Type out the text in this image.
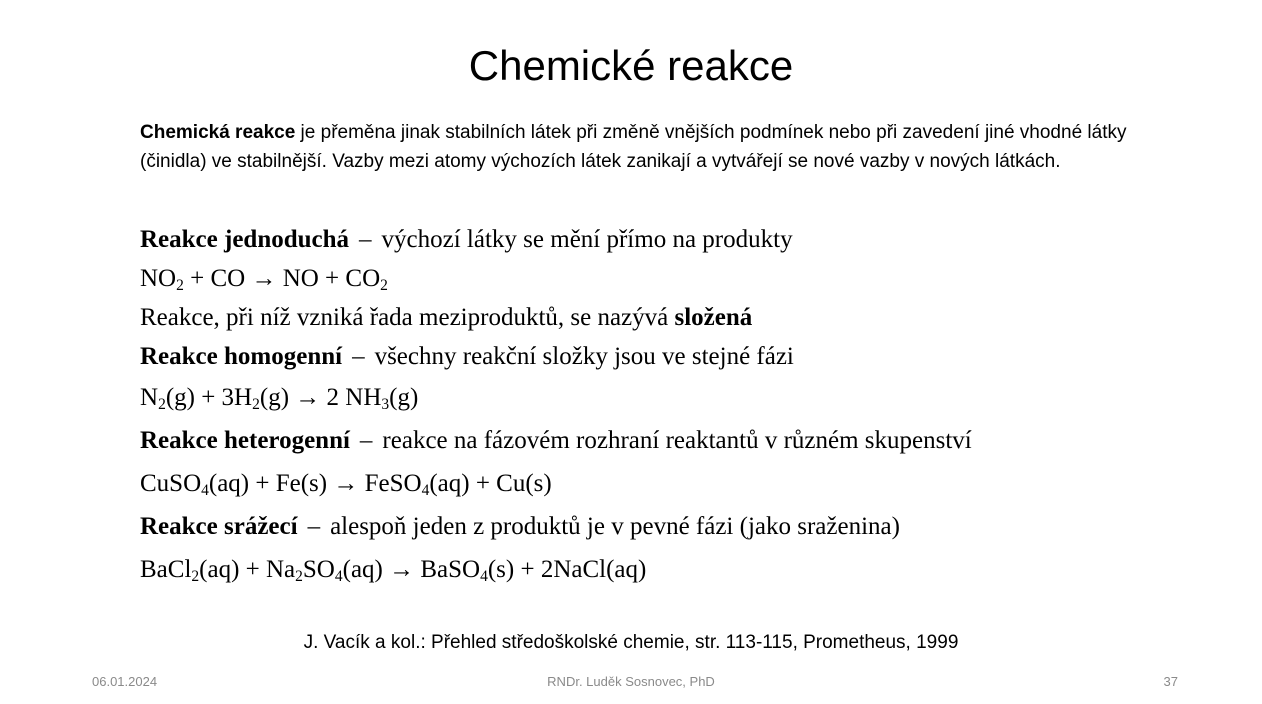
Chemické reakce
Chemická reakce je přeměna jinak stabilních látek při změně vnějších podmínek nebo při zavedení jiné vhodné látky (činidla) ve stabilnější. Vazby mezi atomy výchozích látek zanikají a vytvářejí se nové vazby v nových látkách.
Reakce jednoduchá – výchozí látky se mění přímo na produkty
$NO_2$ + CO → NO + $CO_2$
Reakce, při níž vzniká řada meziproduktů, se nazývá složená
Reakce homogenní – všechny reakční složky jsou ve stejné fázi
$N_2(g) + 3H_2(g) \to 2$ $NH_3(g)$
Reakce heterogenní – reakce na fázovém rozhraní reaktantů v různém skupenství
CuSO$_4$(aq) + Fe(s) → FeSO$_4$(aq) + Cu(s)
Reakce srážecí – alespoň jeden z produktů je v pevné fázi (jako sraženina)
BaCl$_2$(aq) + $Na_2SO_4(aq)$ → BaSO$_4$(s) + 2NaCl(aq)
J. Vacík a kol.: Přehled středoškolské chemie, str. 113-115, Prometheus, 1999
06.01.2024	RNDr. Luděk Sosnovec, PhD	37
